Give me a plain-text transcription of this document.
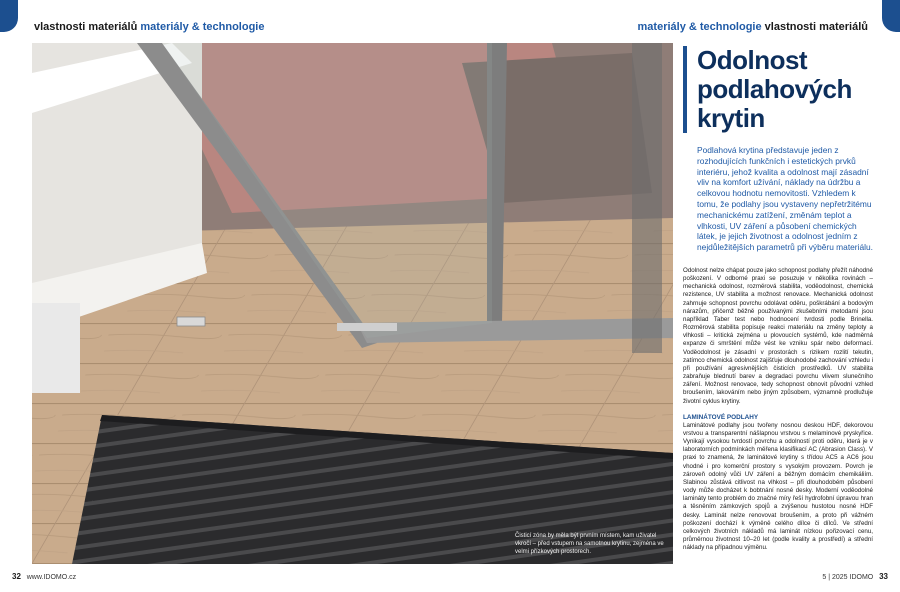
vlastnosti materiálů materiály & technologie	materiály & technologie vlastnosti materiálů
Čisticí zóna by měla být prvním místem, kam uživatel vkročí – před vstupem na samotnou krytinu, zejména ve velmi přízkových prostorech.
Odolnost
podlahových
krytin
Podlahová krytina představuje jeden z rozhodujících funkčních i estetických prvků interiéru, jehož kvalita a odolnost mají zásadní vliv na komfort užívání, náklady na údržbu a celkovou hodnotu nemovitosti. Vzhledem k tomu, že podlahy jsou vystaveny nepřetržitému mechanickému zatížení, změnám teplot a vlhkosti, UV záření a působení chemických látek, je jejich životnost a odolnost jedním z nejdůležitějších parametrů při výběru materiálu.

Odolnost nelze chápat pouze jako schopnost podlahy přežít náhodné poškození. V odborné praxi se posuzuje v několika rovinách – mechanická odolnost, rozměrová stabilita, voděodolnost, chemická rezistence, UV stabilita a možnost renovace. Mechanická odolnost zahrnuje schopnost povrchu odolávat oděru, poškrábání a bodovým nárazům, přičemž běžně používanými zkušebními metodami jsou například Taber test nebo hodnocení tvrdosti podle Brinella. Rozměrová stabilita popisuje reakci materiálu na změny teploty a vlhkosti – kritická zejména u plovoucích systémů, kde nadměrná expanze či smrštění může vést ke vzniku spár nebo deformací. Voděodolnost je zásadní v prostorách s rizikem rozlití tekutin, zatímco chemická odolnost zajišťuje dlouhodobé zachování vzhledu i při používání agresivnějších čisticích prostředků. UV stabilita zabraňuje blednutí barev a degradaci povrchu vlivem slunečního záření. Možnost renovace, tedy schopnost obnovit původní vzhled broušením, lakováním nebo jiným způsobem, významně prodlužuje životní cyklus krytiny.

LAMINÁTOVÉ PODLAHY

Laminátové podlahy jsou tvořeny nosnou deskou HDF, dekorovou vrstvou a transparentní nášlapnou vrstvou s melaminové pryskyřice. Vynikají vysokou tvrdostí povrchu a odolností proti oděru, která je v laboratorních podmínkách měřena klasifikací AC (Abrasion Class). V praxi to znamená, že laminátové krytiny s třídou AC5 a AC6 jsou vhodné i pro komerční prostory s vysokým provozem. Povrch je zároveň odolný vůči UV záření a běžným domácím chemikáliím. Slabinou zůstává citlivost na vlhkost – při dlouhodobém působení vody může docházet k bobtnání nosné desky. Moderní voděodolné lamináty tento problém do značné míry řeší hydrofobní úpravou hran a těsněním zámkových spojů a zvýšenou hustotou nosné HDF desky. Laminát nelze renovovat broušením, a proto při vážném poškození dochází k výměně celého dílce či dílců. Ve střední celkových životních nákladů má laminát nízkou pořizovací cenu, průměrnou životnost 10–20 let (podle kvality a prostředí) a střední náklady na případnou výměnu.

32 www.IDOMO.cz	5 | 2025 IDOMO 33
